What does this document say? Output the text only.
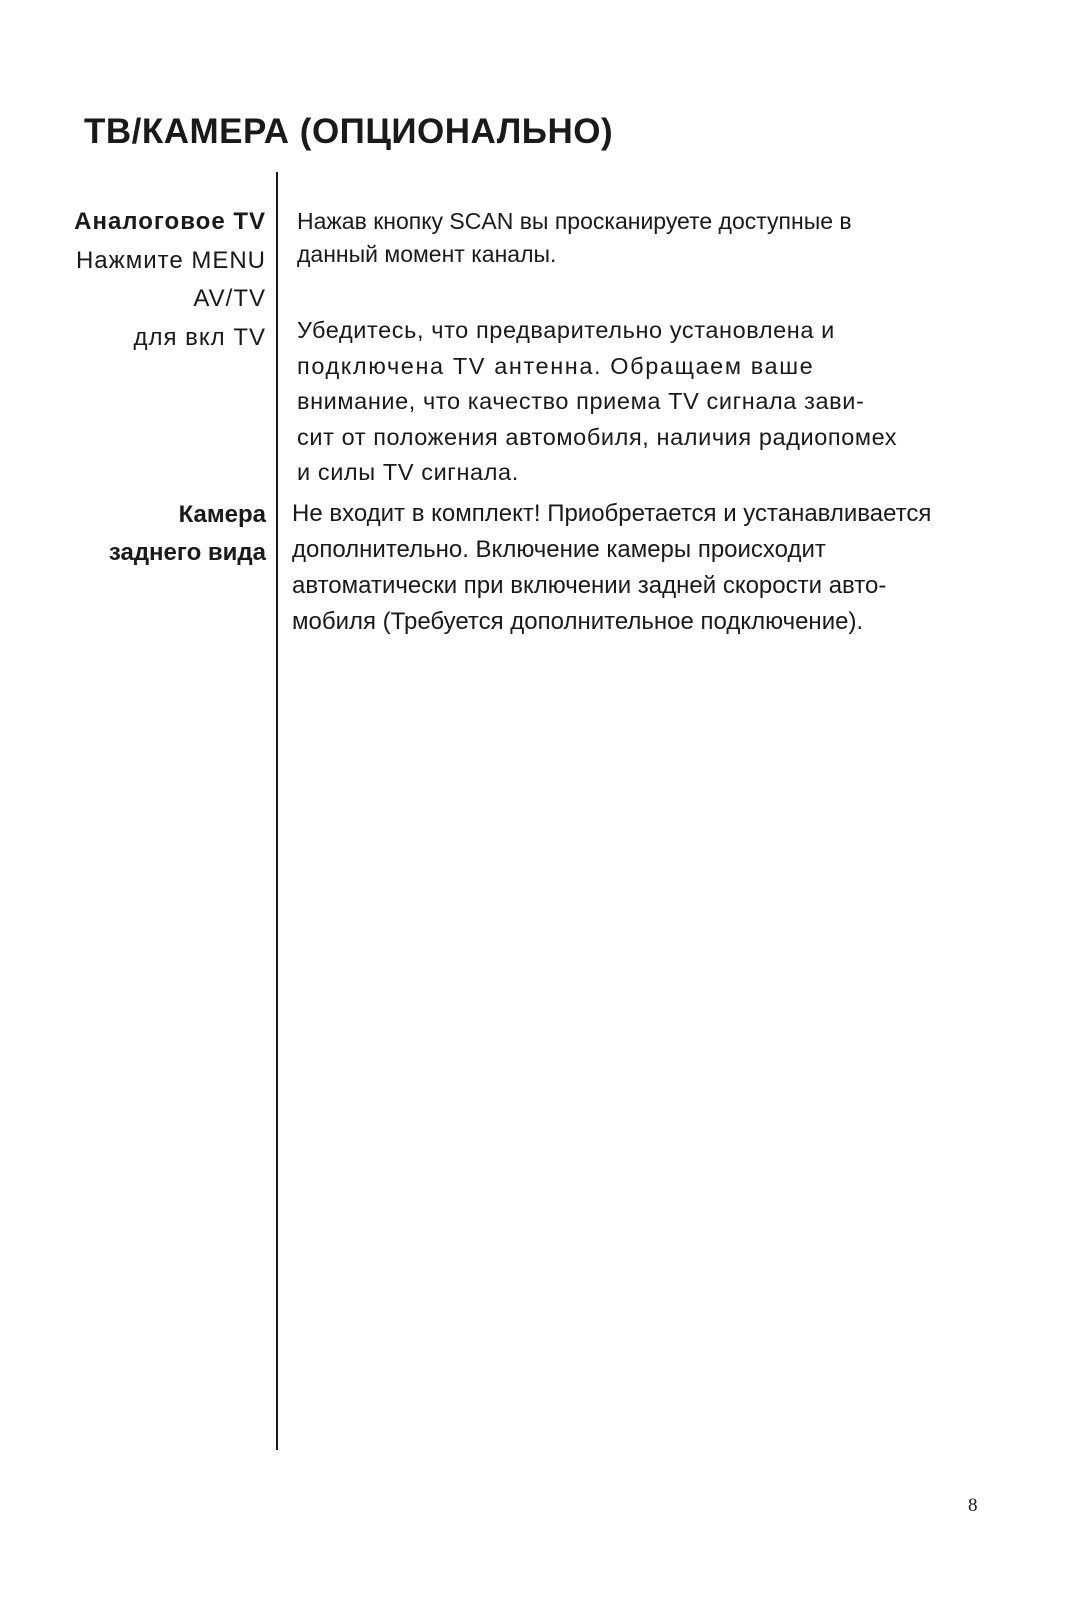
ТВ/КАМЕРА (ОПЦИОНАЛЬНО)
Аналоговое TV
Нажмите MENU
AV/TV
для вкл TV

Нажав кнопку SCAN вы просканируете доступные в
данный момент каналы.

Убедитесь, что предварительно установлена и
подключена TV антенна. Обращаем ваше
внимание, что качество приема TV сигнала зави-
сит от положения автомобиля, наличия радиопомех
и силы TV сигнала.

Камера
заднего вида

Не входит в комплект! Приобретается и устанавливается
дополнительно. Включение камеры происходит
автоматически при включении задней скорости авто-
мобиля (Требуется дополнительное подключение).

8
